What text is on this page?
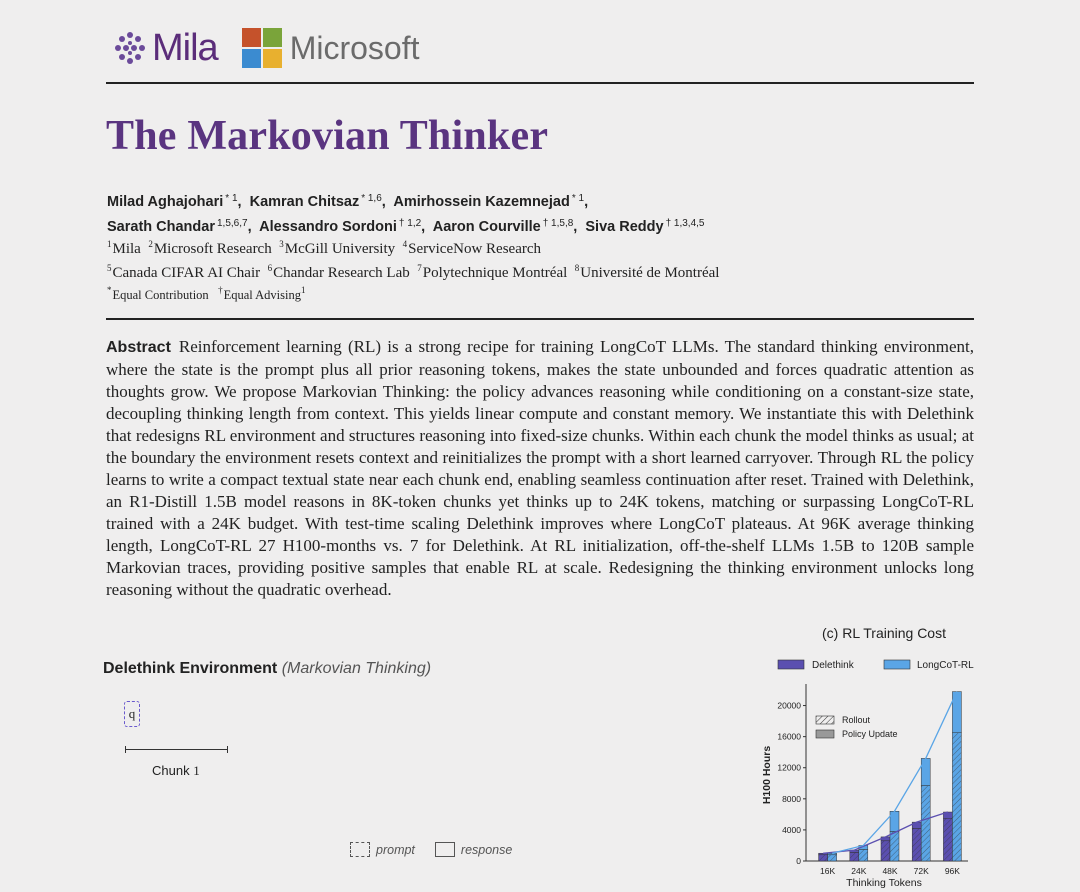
Mila Microsoft
The Markovian Thinker
Milad Aghajohari $^{* 1}$,  Kamran Chitsaz $^{* 1,6}$,  Amirhossein Kazemnejad $^{* 1}$,
Sarath Chandar $^{1,5,6,7}$,  Alessandro Sordoni $^{\dagger 1,2}$,  Aaron Courville $^{\dagger 1,5,8}$,  Siva Reddy $^{\dagger 1,3,4,5}$
$^1$Mila $^2$Microsoft Research $^3$McGill University $^4$ServiceNow Research
$^5$Canada CIFAR AI Chair $^6$Chandar Research Lab $^7$Polytechnique Montréal $^8$Université de Montréal
*Equal Contribution †Equal Advising$^1$
Abstract Reinforcement learning (RL) is a strong recipe for training LongCoT LLMs. The standard thinking environment, where the state is the prompt plus all prior reasoning tokens, makes the state unbounded and forces quadratic attention as thoughts grow. We propose Markovian Thinking: the policy advances reasoning while conditioning on a constant-size state, decoupling thinking length from context. This yields linear compute and constant memory. We instantiate this with Delethink that redesigns RL environment and structures reasoning into fixed-size chunks. Within each chunk the model thinks as usual; at the boundary the environment resets context and reinitializes the prompt with a short learned carryover. Through RL the policy learns to write a compact textual state near each chunk end, enabling seamless continuation after reset. Trained with Delethink, an R1-Distill 1.5B model reasons in 8K-token chunks yet thinks up to 24K tokens, matching or surpassing LongCoT-RL trained with a 24K budget. With test-time scaling Delethink improves where LongCoT plateaus. At 96K average thinking length, LongCoT-RL 27 H100-months vs. 7 for Delethink. At RL initialization, off-the-shelf LLMs 1.5B to 120B sample Markovian traces, providing positive samples that enable RL at scale. Redesigning the thinking environment unlocks long reasoning without the quadratic overhead.
Delethink Environment (Markovian Thinking)
q
Chunk 1
prompt	response
(c) RL Training Cost
Delethink	LongCoT-RL
Rollout
Policy Update
H100 Hours
Thinking Tokens
0
4000
8000
12000
16000
20000
16K 24K 48K 72K 96K
